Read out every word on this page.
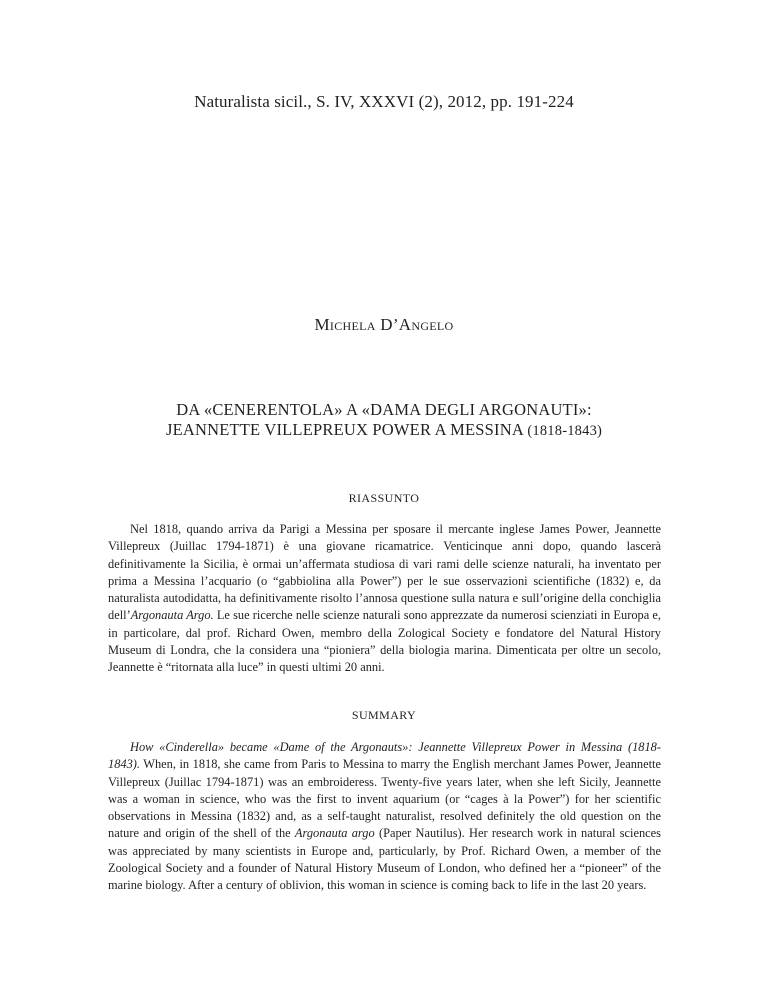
Naturalista sicil., S. IV, XXXVI (2), 2012, pp. 191-224
Michela D’Angelo
DA «CENERENTOLA» A «DAMA DEGLI ARGONAUTI»:
JEANNETTE VILLEPREUX POWER A MESSINA (1818-1843)
RIASSUNTO
Nel 1818, quando arriva da Parigi a Messina per sposare il mercante inglese James Power, Jeannette Villepreux (Juillac 1794-1871) è una giovane ricamatrice. Venticinque anni dopo, quando lascerà definitivamente la Sicilia, è ormai un’affermata studiosa di vari rami delle scienze naturali, ha inventato per prima a Messina l’acquario (o “gabbiolina alla Power”) per le sue osservazioni scientifiche (1832) e, da naturalista autodidatta, ha definitivamente risolto l’annosa questione sulla natura e sull’origine della conchiglia dell’Argonauta Argo. Le sue ricerche nelle scienze naturali sono apprezzate da numerosi scienziati in Europa e, in particolare, dal prof. Richard Owen, membro della Zological Society e fondatore del Natural History Museum di Londra, che la considera una “pioniera” della biologia marina. Dimenticata per oltre un secolo, Jeannette è “ritornata alla luce” in questi ultimi 20 anni.
SUMMARY
How «Cinderella» became «Dame of the Argonauts»: Jeannette Villepreux Power in Messina (1818-1843). When, in 1818, she came from Paris to Messina to marry the English merchant James Power, Jeannette Villepreux (Juillac 1794-1871) was an embroideress. Twenty-five years later, when she left Sicily, Jeannette was a woman in science, who was the first to invent aquarium (or “cages à la Power”) for her scientific observations in Messina (1832) and, as a self-taught naturalist, resolved definitely the old question on the nature and origin of the shell of the Argonauta argo (Paper Nautilus). Her research work in natural sciences was appreciated by many scientists in Europe and, particularly, by Prof. Richard Owen, a member of the Zoological Society and a founder of Natural History Museum of London, who defined her a “pioneer” of the marine biology. After a century of oblivion, this woman in science is coming back to life in the last 20 years.
